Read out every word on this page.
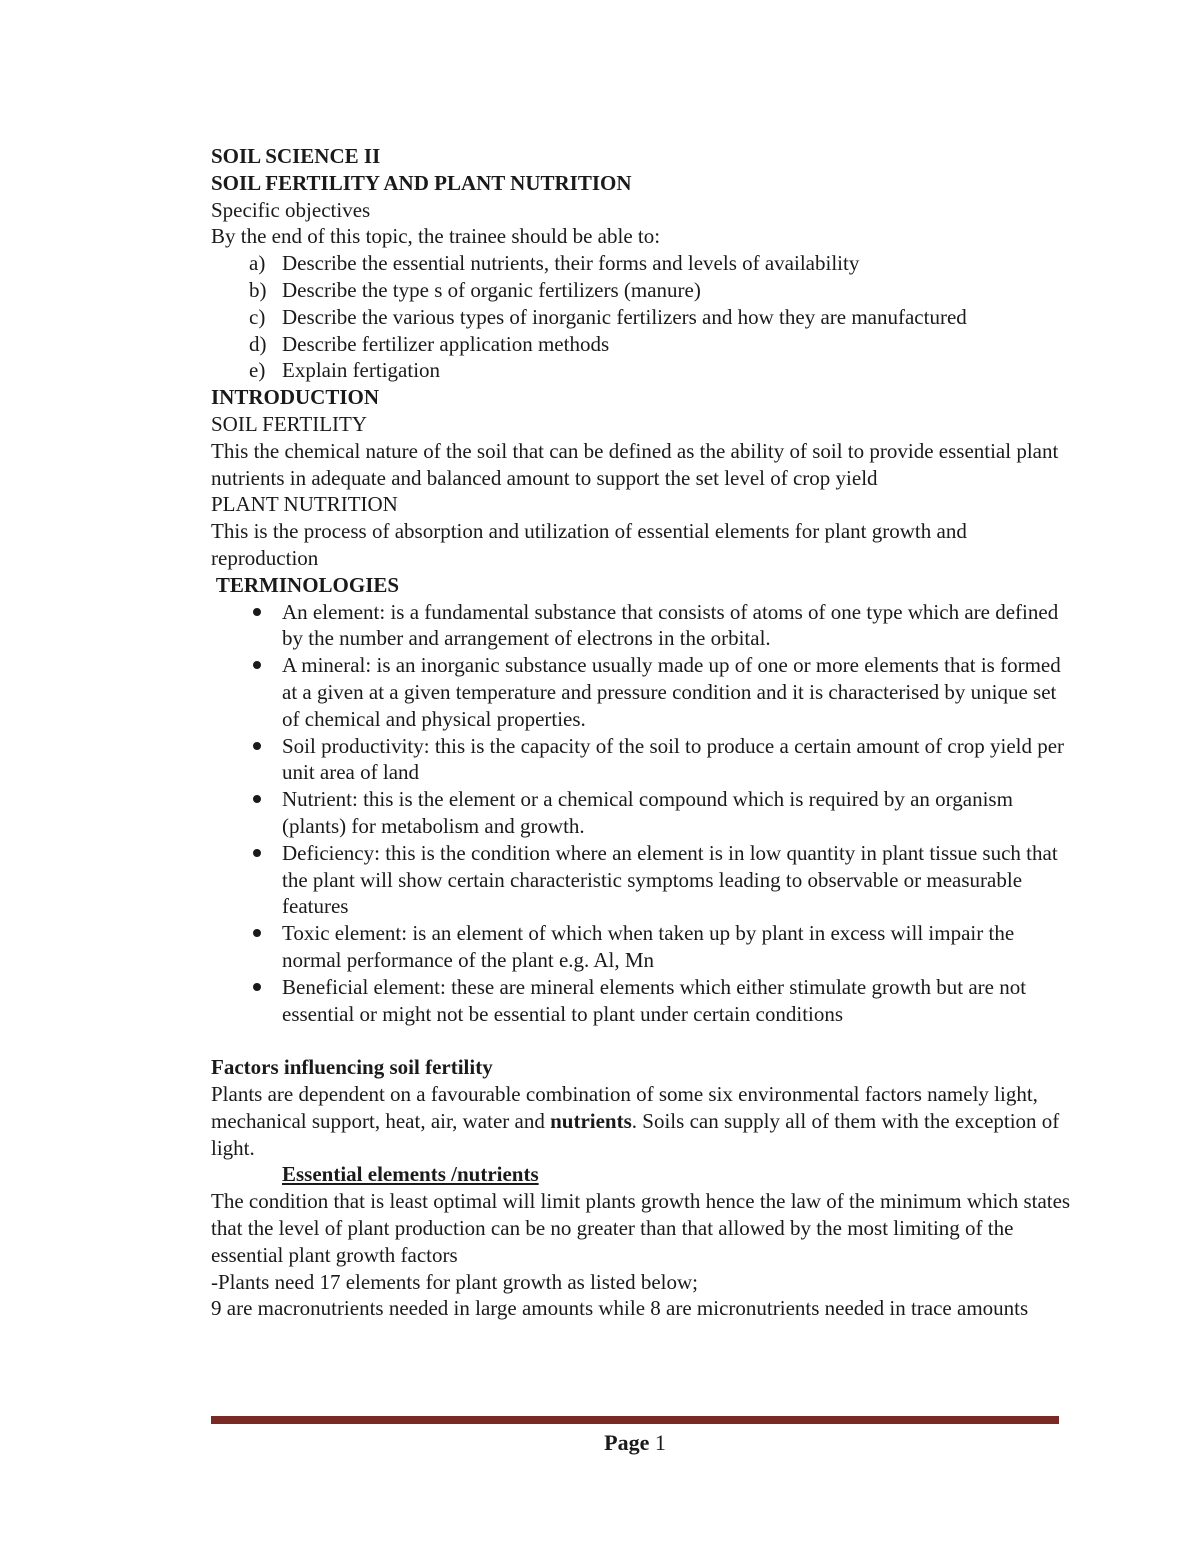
SOIL SCIENCE II

SOIL FERTILITY AND PLANT NUTRITION

Specific objectives

By the end of this topic, the trainee should be able to:

a) Describe the essential nutrients, their forms and levels of availability
b) Describe the type s of organic fertilizers (manure)
c) Describe the various types of inorganic fertilizers and how they are manufactured
d) Describe fertilizer application methods
e) Explain fertigation

INTRODUCTION

SOIL FERTILITY

This the chemical nature of the soil that can be defined as the ability of soil to provide essential plant nutrients in adequate and balanced amount to support the set level of crop yield

PLANT NUTRITION

This is the process of absorption and utilization of essential elements for plant growth and reproduction

TERMINOLOGIES

An element: is a fundamental substance that consists of atoms of one type which are defined by the number and arrangement of electrons in the orbital.
A mineral: is an inorganic substance usually made up of one or more elements that is formed at a given at a given temperature and pressure condition and it is characterised by unique set of chemical and physical properties.
Soil productivity: this is the capacity of the soil to produce a certain amount of crop yield per unit area of land
Nutrient: this is the element or a chemical compound which is required by an organism (plants) for metabolism and growth.
Deficiency: this is the condition where an element is in low quantity in plant tissue such that the plant will show certain characteristic symptoms leading to observable or measurable features
Toxic element: is an element of which when taken up by plant in excess will impair the normal performance of the plant e.g. Al, Mn
Beneficial element: these are mineral elements which either stimulate growth but are not essential or might not be essential to plant under certain conditions

Factors influencing soil fertility

Plants are dependent on a favourable combination of some six environmental factors namely light, mechanical support, heat, air, water and nutrients. Soils can supply all of them with the exception of light.

Essential elements /nutrients

The condition that is least optimal will limit plants growth hence the law of the minimum which states that the level of plant production can be no greater than that allowed by the most limiting of the essential plant growth factors

-Plants need 17 elements for plant growth as listed below;

9 are macronutrients needed in large amounts while 8 are micronutrients needed in trace amounts

Page 1
